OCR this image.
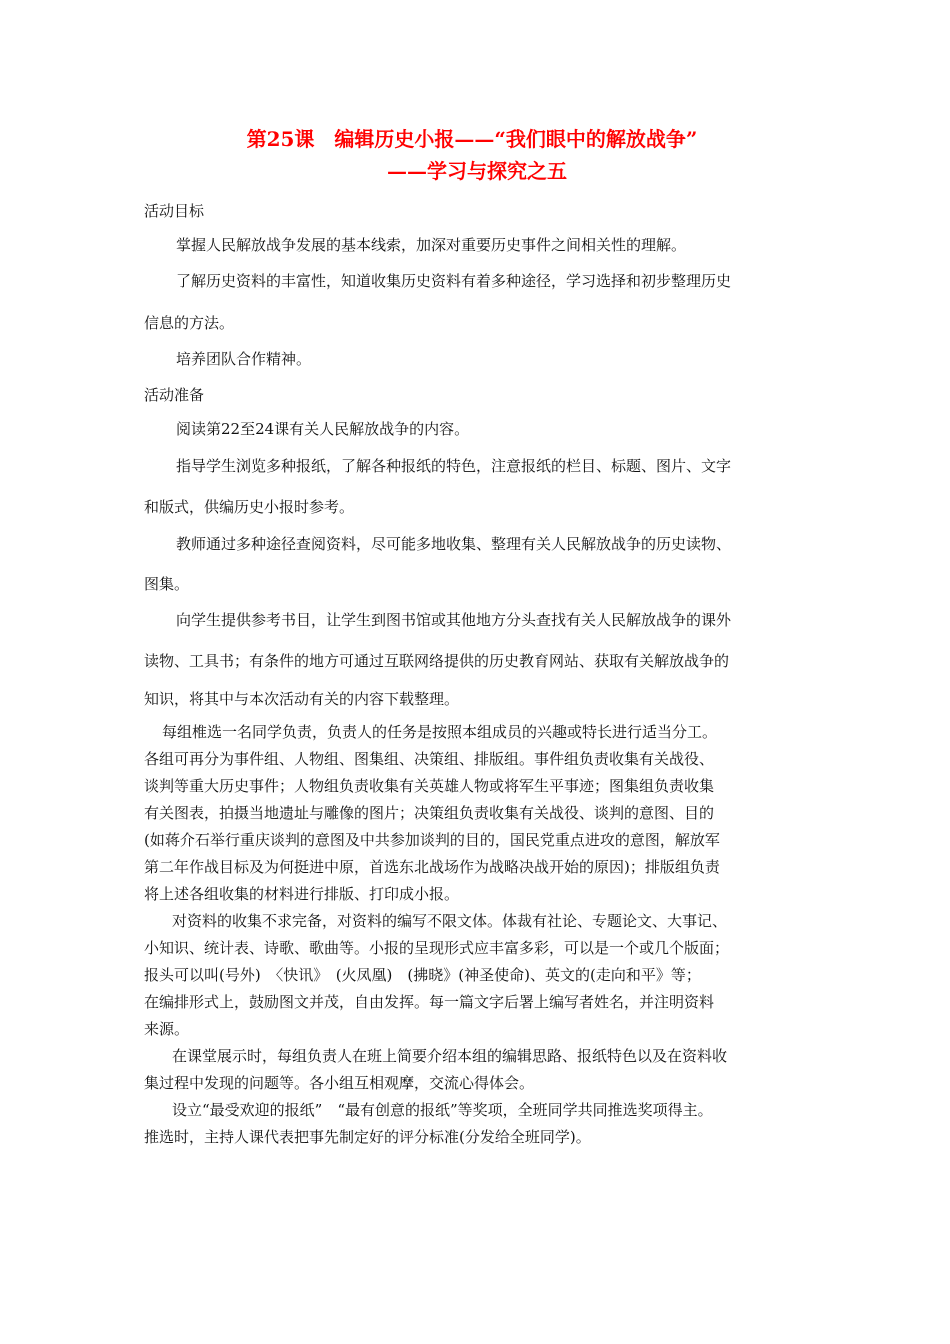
第25课　编辑历史小报——“我们眼中的解放战争”
——学习与探究之五
活动目标
掌握人民解放战争发展的基本线索，加深对重要历史事件之间相关性的理解。
了解历史资料的丰富性，知道收集历史资料有着多种途径，学习选择和初步整理历史
信息的方法。
培养团队合作精神。
活动准备
阅读第22至24课有关人民解放战争的内容。
指导学生浏览多种报纸，了解各种报纸的特色，注意报纸的栏目、标题、图片、文字
和版式，供编历史小报时参考。
教师通过多种途径查阅资料，尽可能多地收集、整理有关人民解放战争的历史读物、
图集。
向学生提供参考书目，让学生到图书馆或其他地方分头查找有关人民解放战争的课外
读物、工具书；有条件的地方可通过互联网络提供的历史教育网站、获取有关解放战争的
知识，将其中与本次活动有关的内容下载整理。
每组椎选一名同学负责，负责人的任务是按照本组成员的兴趣或特长进行适当分工。
各组可再分为事件组、人物组、图集组、决策组、排版组。事件组负责收集有关战役、
谈判等重大历史事件；人物组负责收集有关英雄人物或将军生平事迹；图集组负责收集
有关图表，拍摄当地遗址与雕像的图片；决策组负责收集有关战役、谈判的意图、目的
(如蒋介石举行重庆谈判的意图及中共参加谈判的目的，国民党重点进攻的意图，解放军
第二年作战目标及为何挺进中原，首选东北战场作为战略决战开始的原因)；排版组负责
将上述各组收集的材料进行排版、打印成小报。
对资料的收集不求完备，对资料的编写不限文体。体裁有社论、专题论文、大事记、
小知识、统计表、诗歌、歌曲等。小报的呈现形式应丰富多彩，可以是一个或几个版面；
报头可以叫(号外)　〈快讯》　(火凤凰)　(拂晓》(神圣使命)、英文的(走向和平》等；
在编排形式上，鼓励图文并茂，自由发挥。每一篇文字后署上编写者姓名，并注明资料
来源。
在课堂展示时，每组负责人在班上简要介绍本组的编辑思路、报纸特色以及在资料收
集过程中发现的问题等。各小组互相观摩，交流心得体会。
设立“最受欢迎的报纸”　“最有创意的报纸”等奖项，全班同学共同推选奖项得主。
推选时，主持人课代表把事先制定好的评分标准(分发给全班同学)。
